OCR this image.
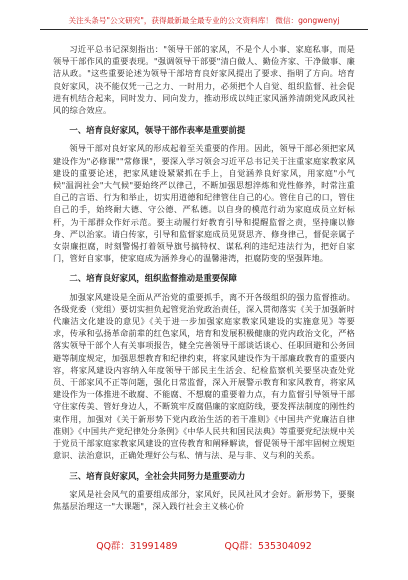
关注头条号"公文研究"，获得最新最全最专业的公文资料库！ 微信：gongwenyj

习近平总书记深刻指出："领导干部的家风，不是个人小事、家庭私事，而是领导干部作风的重要表现。"强调领导干部要"清白做人、勤俭齐家、干净做事、廉洁从政。"这些重要论述为领导干部培育良好家风提出了要求、指明了方向。培育良好家风，决不能仅凭一己之力、一时用力，必须把个人自觉、组织监督、社会促进有机结合起来，同时发力、同向发力，推动形成以纯正家风涵养清朗党风政风社风的综合效应。

一、培育良好家风，领导干部作表率是重要前提

领导干部对良好家风的形成起着至关重要的作用。因此，领导干部必须把家风建设作为"必修课""常修课"，要深入学习领会习近平总书记关于注重家庭家教家风建设的重要论述，把家风建设紧紧抓在手上，自觉涵养良好家风，用家庭"小气候"温润社会"大气候"要始终严以律己，不断加强思想淬炼和党性修养，时常注重自己的言语、行为和举止，切实用道德和纪律管住自己的心。管住自己的口，管住自己的手，始终耐大德、守公德、严私德。以自身的模范行动为家庭成员立好标杆，为干部群众作好示范。要主动履行好教育引导和提醒监督之责，坚持廉以修身、严以治家。请白传家，引导和监督家庭成员见贤思齐、修身律己，督促亲属子女崇廉拒腐，时刻警惕打着领导旗号搞特权、谋私利的违纪违法行为，把好自家门，管好自家事，使家庭成为涵养身心的温馨港湾，拒腐防变的坚强阵地。

二、培育良好家风，组织监督推动是重要保障

加强家风建设是全面从严治党的重要抓手，离不开各级组织的强力监督推动。各级党委（党组）要切实担负起管党治党政治责任，深入贯彻落实《关于加强新时代廉洁文化建设的意见》《关于进一步加强家庭家教家风建设的实施意见》等要求，传承和弘扬革命前辈的红色家风，培育和发展积极健康的党内政治文化，严格落实领导干部个人有关事项报告，健全完善领导干部谈话谈心、任职回避和公务回避等制度规定，加强思想教育和纪律约束，将家风建设作为干部廉政教育的重要内容，将家风建设内容纳入年度领导干部民主生活会、纪检监察机关要坚决查处党员、干部家风不正等问题，强化日常监督，深入开展警示教育和家风教育，将家风建设作为一体推进不敢腐、不能腐、不想腐的重要着力点，有力监督引导领导干部守住家传美、管好身边人，不断筑牢反腐倡廉的家庭防线，要发挥法制度的刚性约束作用，加强对《关于新形势下党内政治生活的若干准则》《中国共产党廉洁自律准则》《中国共产党纪律处分条例》《中华人民共和国民法典》等重要党纪法规中关于党员干部家庭家教家风建设的宣传教育和阐释解读，督促领导干部牢固树立规矩意识、法治意识，正确处理好公与私、情与法、是与非、义与利的关系。

三、培育良好家风，全社会共同努力是重要动力

家风是社会风气的重要组成部分，家风好，民风社风才会好。新形势下，要聚焦基层治理这一"大课题"，深入践行社会主义核心价

QQ群：31991489	QQ群：535304092
